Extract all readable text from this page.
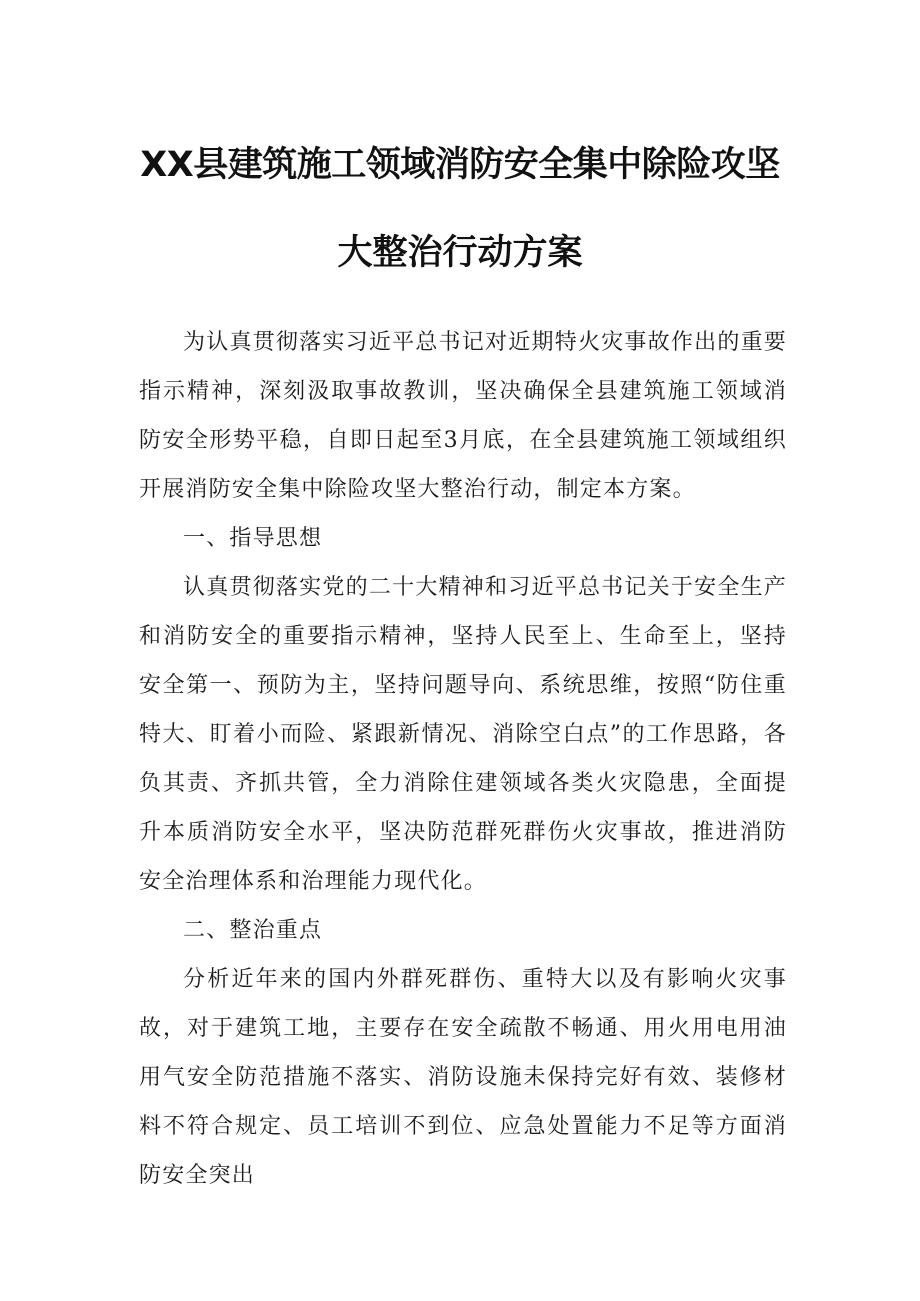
XX县建筑施工领域消防安全集中除险攻坚
大整治行动方案

为认真贯彻落实习近平总书记对近期特火灾事故作出的重要指示精神，深刻汲取事故教训，坚决确保全县建筑施工领域消防安全形势平稳，自即日起至3月底，在全县建筑施工领域组织开展消防安全集中除险攻坚大整治行动，制定本方案。

一、指导思想

认真贯彻落实党的二十大精神和习近平总书记关于安全生产和消防安全的重要指示精神，坚持人民至上、生命至上，坚持安全第一、预防为主，坚持问题导向、系统思维，按照“防住重特大、盯着小而险、紧跟新情况、消除空白点”的工作思路，各负其责、齐抓共管，全力消除住建领域各类火灾隐患，全面提升本质消防安全水平，坚决防范群死群伤火灾事故，推进消防安全治理体系和治理能力现代化。

二、整治重点

分析近年来的国内外群死群伤、重特大以及有影响火灾事故，对于建筑工地，主要存在安全疏散不畅通、用火用电用油用气安全防范措施不落实、消防设施未保持完好有效、装修材料不符合规定、员工培训不到位、应急处置能力不足等方面消防安全突出
